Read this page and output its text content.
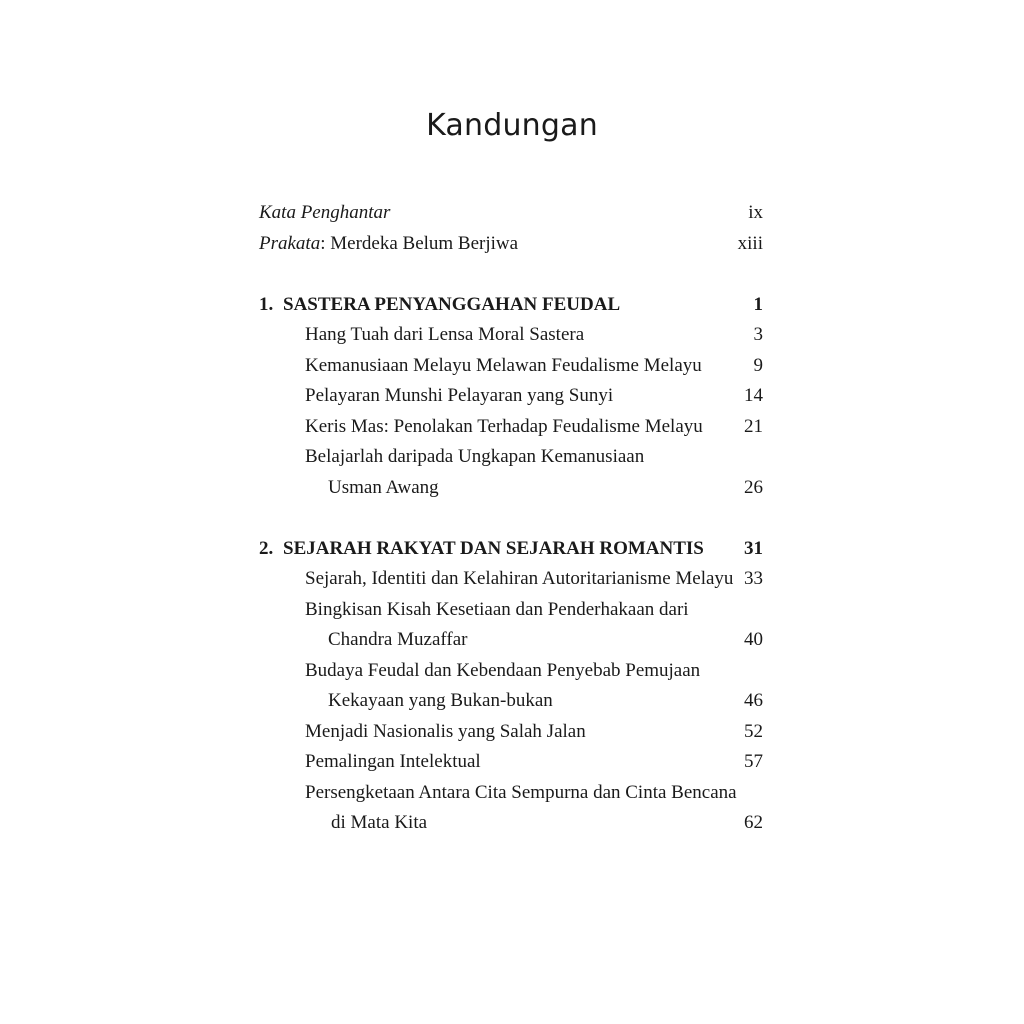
Kandungan
Kata Penghantar	ix
Prakata: Merdeka Belum Berjiwa	xiii
1. SASTERA PENYANGGAHAN FEUDAL	1
Hang Tuah dari Lensa Moral Sastera	3
Kemanusiaan Melayu Melawan Feudalisme Melayu	9
Pelayaran Munshi Pelayaran yang Sunyi	14
Keris Mas: Penolakan Terhadap Feudalisme Melayu 21
Belajarlah daripada Ungkapan Kemanusiaan
Usman Awang	26
2. SEJARAH RAKYAT DAN SEJARAH ROMANTIS 31
Sejarah, Identiti dan Kelahiran Autoritarianisme Melayu 33
Bingkisan Kisah Kesetiaan dan Penderhakaan dari
Chandra Muzaffar	40
Budaya Feudal dan Kebendaan Penyebab Pemujaan
Kekayaan yang Bukan-bukan	46
Menjadi Nasionalis yang Salah Jalan	52
Pemalingan Intelektual	57
Persengketaan Antara Cita Sempurna dan Cinta Bencana
di Mata Kita	62
